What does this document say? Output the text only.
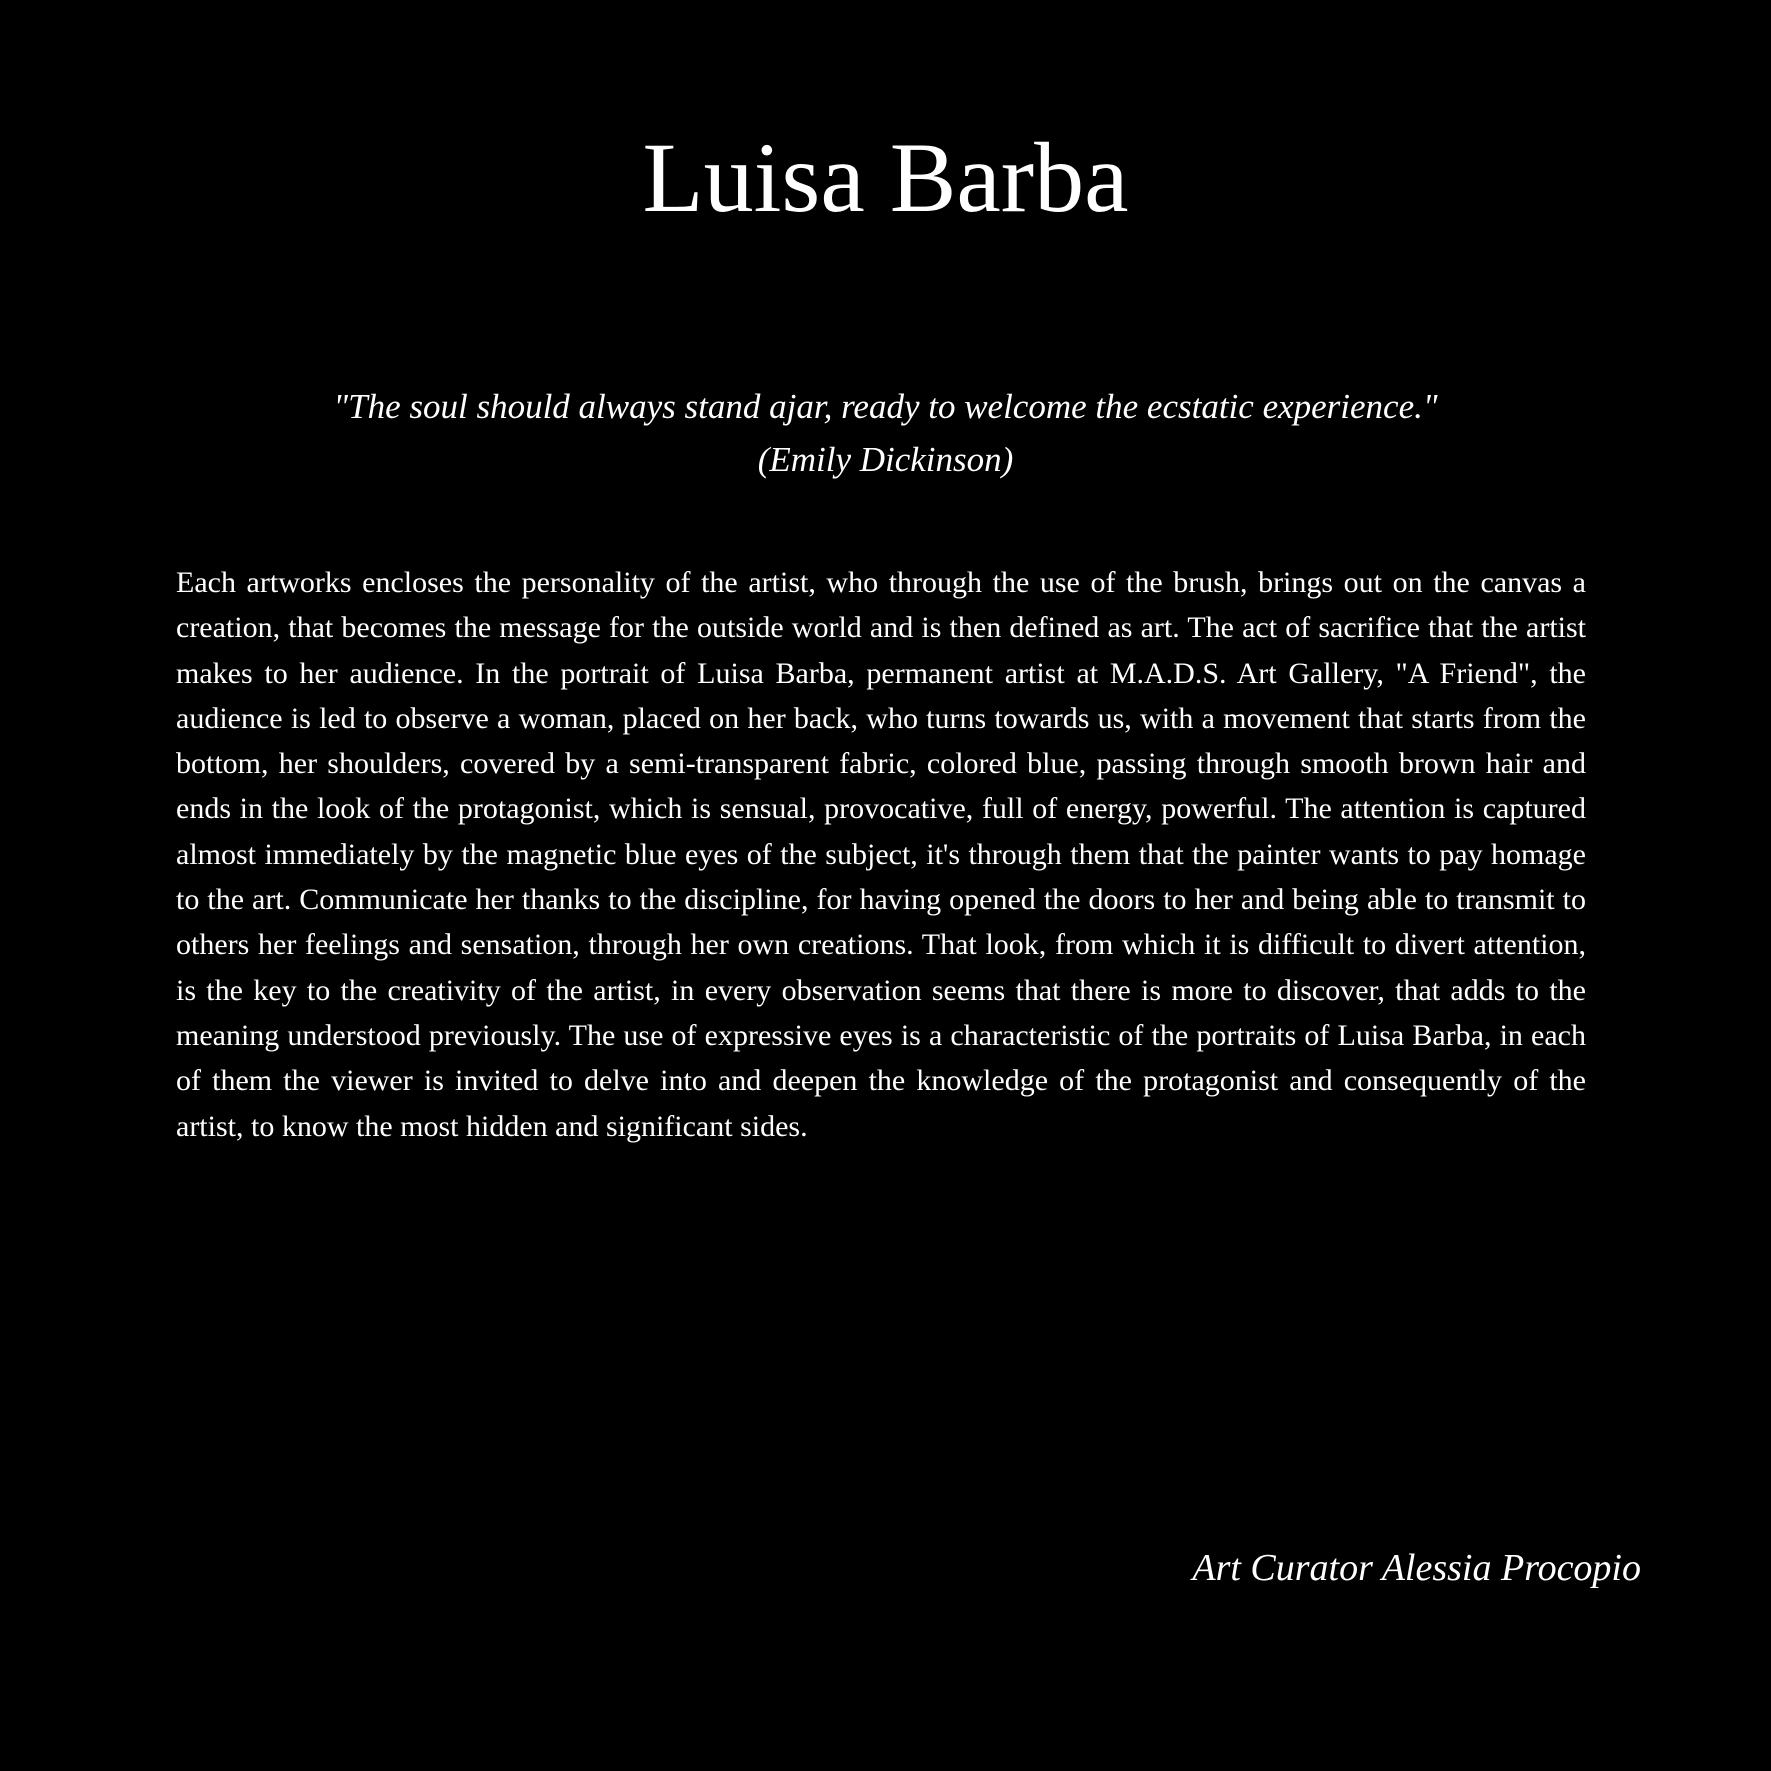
Luisa Barba
"The soul should always stand ajar, ready to welcome the ecstatic experience."
(Emily Dickinson)

Each artworks encloses the personality of the artist, who through the use of the brush, brings out on the canvas a creation, that becomes the message for the outside world and is then defined as art. The act of sacrifice that the artist makes to her audience. In the portrait of Luisa Barba, permanent artist at M.A.D.S. Art Gallery, "A Friend", the audience is led to observe a woman, placed on her back, who turns towards us, with a movement that starts from the bottom, her shoulders, covered by a semi-transparent fabric, colored blue, passing through smooth brown hair and ends in the look of the protagonist, which is sensual, provocative, full of energy, powerful. The attention is captured almost immediately by the magnetic blue eyes of the subject, it's through them that the painter wants to pay homage to the art. Communicate her thanks to the discipline, for having opened the doors to her and being able to transmit to others her feelings and sensation, through her own creations. That look, from which it is difficult to divert attention, is the key to the creativity of the artist, in every observation seems that there is more to discover, that adds to the meaning understood previously. The use of expressive eyes is a characteristic of the portraits of Luisa Barba, in each of them the viewer is invited to delve into and deepen the knowledge of the protagonist and consequently of the artist, to know the most hidden and significant sides.

Art Curator Alessia Procopio
